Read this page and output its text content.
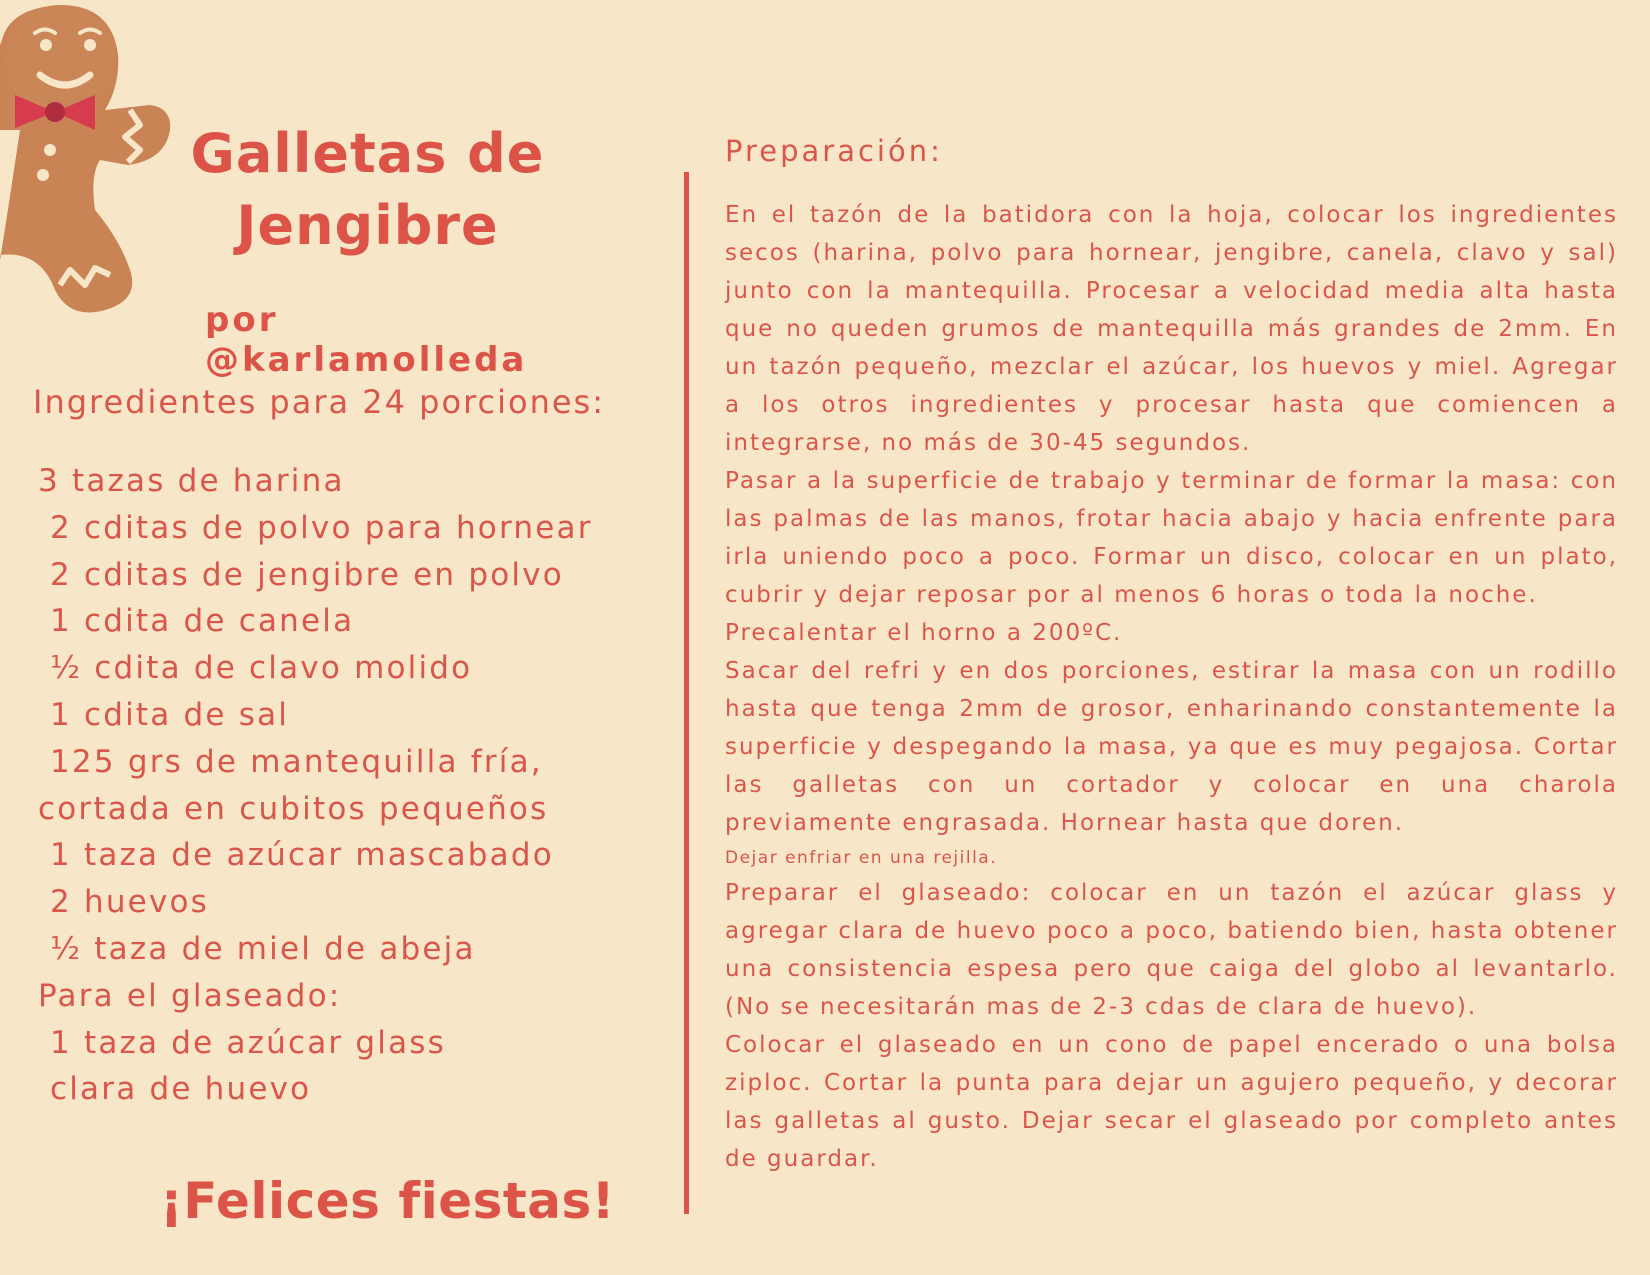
Galletas de Jengibre

por @karlamolleda

Ingredientes para 24 porciones:

3 tazas de harina
2 cditas de polvo para hornear
2 cditas de jengibre en polvo
1 cdita de canela
½ cdita de clavo molido
1 cdita de sal
125 grs de mantequilla fría,
cortada en cubitos pequeños
1 taza de azúcar mascabado
2 huevos
½ taza de miel de abeja
Para el glaseado:
1 taza de azúcar glass
clara de huevo

¡Felices fiestas!

Preparación:

En el tazón de la batidora con la hoja, colocar los ingredientes secos (harina, polvo para hornear, jengibre, canela, clavo y sal) junto con la mantequilla. Procesar a velocidad media alta hasta que no queden grumos de mantequilla más grandes de 2mm. En un tazón pequeño, mezclar el azúcar, los huevos y miel. Agregar a los otros ingredientes y procesar hasta que comiencen a integrarse, no más de 30-45 segundos.

Pasar a la superficie de trabajo y terminar de formar la masa: con las palmas de las manos, frotar hacia abajo y hacia enfrente para irla uniendo poco a poco. Formar un disco, colocar en un plato, cubrir y dejar reposar por al menos 6 horas o toda la noche.

Precalentar el horno a 200ºC.

Sacar del refri y en dos porciones, estirar la masa con un rodillo hasta que tenga 2mm de grosor, enharinando constantemente la superficie y despegando la masa, ya que es muy pegajosa. Cortar las galletas con un cortador y colocar en una charola previamente engrasada. Hornear hasta que doren.

Dejar enfriar en una rejilla.

Preparar el glaseado: colocar en un tazón el azúcar glass y agregar clara de huevo poco a poco, batiendo bien, hasta obtener una consistencia espesa pero que caiga del globo al levantarlo. (No se necesitarán mas de 2-3 cdas de clara de huevo).

Colocar el glaseado en un cono de papel encerado o una bolsa ziploc. Cortar la punta para dejar un agujero pequeño, y decorar las galletas al gusto. Dejar secar el glaseado por completo antes de guardar.
